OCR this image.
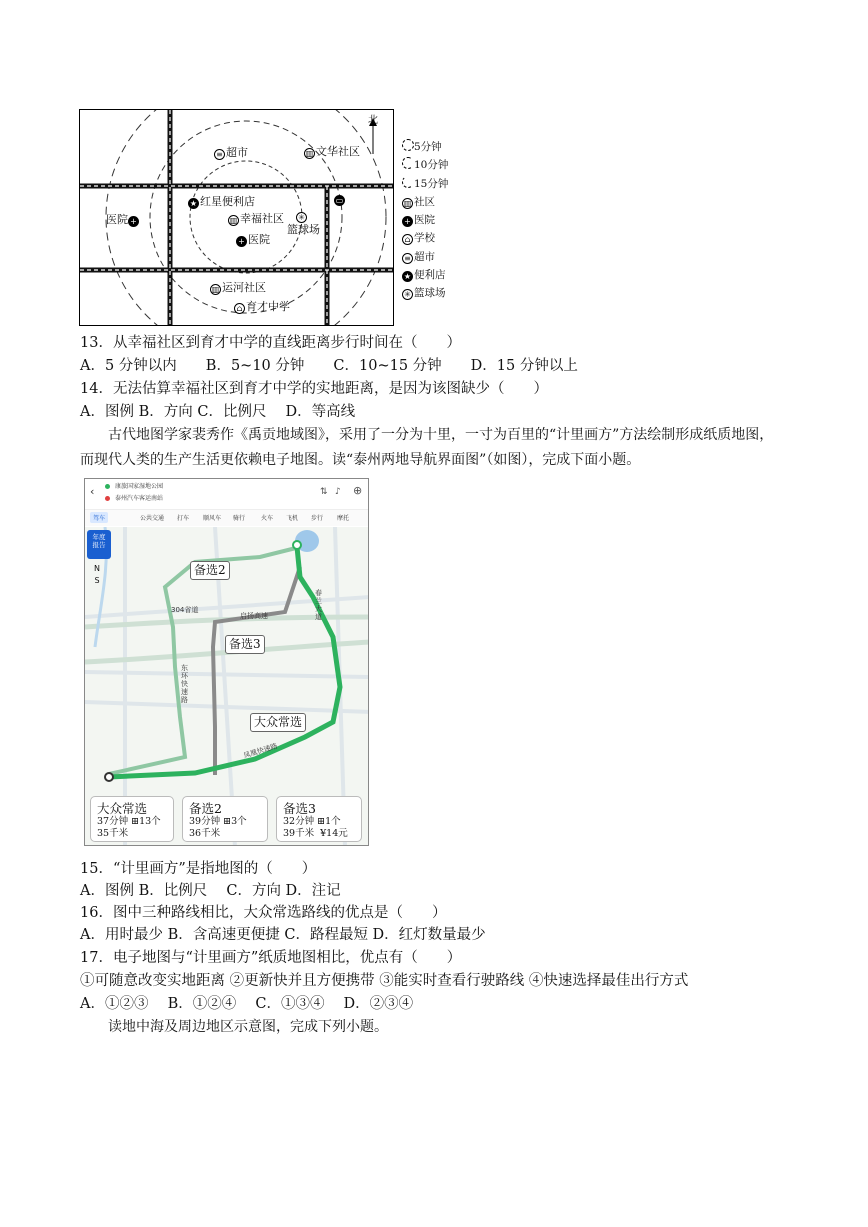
北
≡ 超市	▥ 文华社区
★ 红星便利店
医院 +	▥ 幸福社区 ✳
篮球场
+ 医院
▭
▥ 运河社区
⌂ 育才中学
5分钟
10分钟
15分钟
▥ 社区
+ 医院
⌂ 学校
≡ 超市
★ 便利店
✳ 篮球场
13．从幸福社区到育才中学的直线距离步行时间在（　　）
A．5 分钟以内　　B．5~10 分钟　　C．10~15 分钟　　D．15 分钟以上
14．无法估算幸福社区到育才中学的实地距离，是因为该图缺少（　　）
A．图例 B．方向 C．比例尺　 D．等高线
古代地图学家裴秀作《禹贡地域图》，采用了一分为十里，一寸为百里的“计里画方”方法绘制形成纸质地图，而现代人类的生产生活更依赖电子地图。读“泰州两地导航界面图”（如图），完成下面小题。
‹	康旅国家湿地公园
泰州汽车客运南站
⇅ ♪ ⊕
驾车	公共交通 打车 顺风车 骑行	火车 飞机 步行 摩托
年度
报告
N
S
304省道
启扬高速
东环快速路
凤凰快速路
春兰大道
备选2
备选3
大众常选
大众常选
37分钟 ⊞13个
35千米
备选2
39分钟 ⊞3个
36千米
备选3
32分钟 ⊞1个
39千米  ¥14元
15．“计里画方”是指地图的（　　）
A．图例 B．比例尺　 C．方向 D．注记
16．图中三种路线相比，大众常选路线的优点是（　　）
A．用时最少 B．含高速更便捷 C．路程最短 D．红灯数量最少
17．电子地图与“计里画方”纸质地图相比，优点有（　　）
①可随意改变实地距离 ②更新快并且方便携带 ③能实时查看行驶路线 ④快速选择最佳出行方式
A．①②③　 B．①②④　 C．①③④　 D．②③④
读地中海及周边地区示意图，完成下列小题。
